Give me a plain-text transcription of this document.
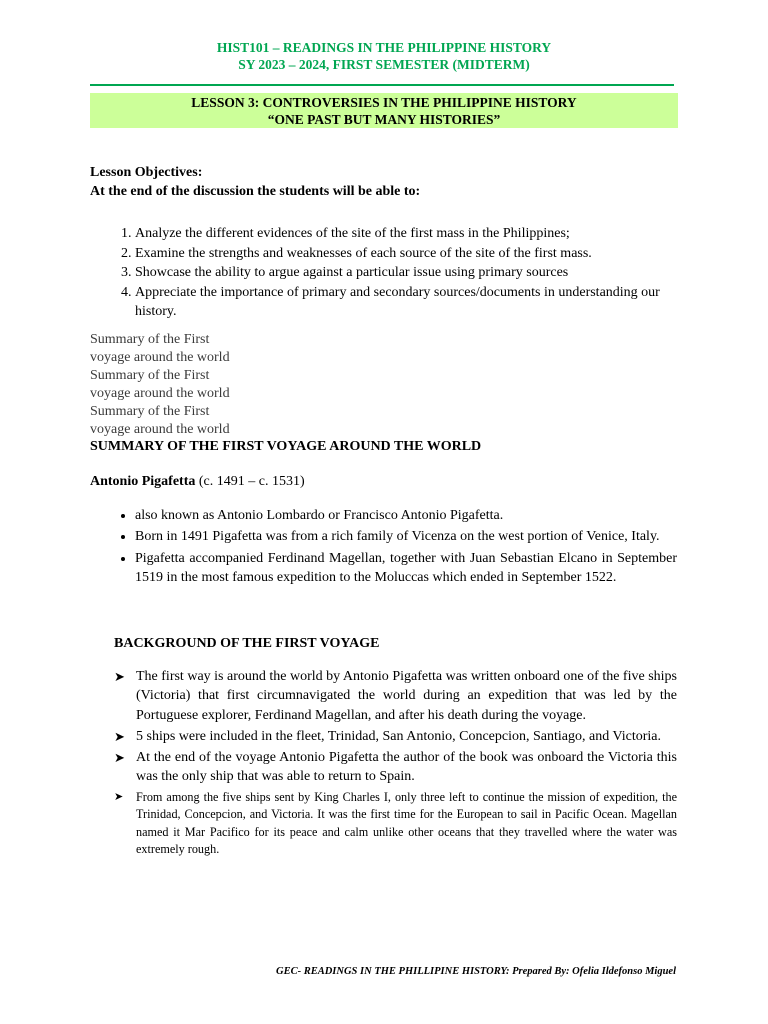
HIST101 – READINGS IN THE PHILIPPINE HISTORY
SY 2023 – 2024, FIRST SEMESTER (MIDTERM)
LESSON 3: CONTROVERSIES IN THE PHILIPPINE HISTORY
“ONE PAST BUT MANY HISTORIES”
Lesson Objectives:
At the end of the discussion the students will be able to:
1. Analyze the different evidences of the site of the first mass in the Philippines;
2. Examine the strengths and weaknesses of each source of the site of the first mass.
3. Showcase the ability to argue against a particular issue using primary sources
4. Appreciate the importance of primary and secondary sources/documents in understanding our history.
Summary of the First
voyage around the world
Summary of the First
voyage around the world
Summary of the First
voyage around the world
SUMMARY OF THE FIRST VOYAGE AROUND THE WORLD
Antonio Pigafetta (c. 1491 – c. 1531)
• also known as Antonio Lombardo or Francisco Antonio Pigafetta.
• Born in 1491 Pigafetta was from a rich family of Vicenza on the west portion of Venice, Italy.
• Pigafetta accompanied Ferdinand Magellan, together with Juan Sebastian Elcano in September 1519 in the most famous expedition to the Moluccas which ended in September 1522.
BACKGROUND OF THE FIRST VOYAGE
➤ The first way is around the world by Antonio Pigafetta was written onboard one of the five ships (Victoria) that first circumnavigated the world during an expedition that was led by the Portuguese explorer, Ferdinand Magellan, and after his death during the voyage.
➤ 5 ships were included in the fleet, Trinidad, San Antonio, Concepcion, Santiago, and Victoria.
➤ At the end of the voyage Antonio Pigafetta the author of the book was onboard the Victoria this was the only ship that was able to return to Spain.
➤ From among the five ships sent by King Charles I, only three left to continue the mission of expedition, the Trinidad, Concepcion, and Victoria. It was the first time for the European to sail in Pacific Ocean. Magellan named it Mar Pacifico for its peace and calm unlike other oceans that they travelled where the water was extremely rough.
GEC- READINGS IN THE PHILLIPINE HISTORY: Prepared By: Ofelia Ildefonso Miguel
